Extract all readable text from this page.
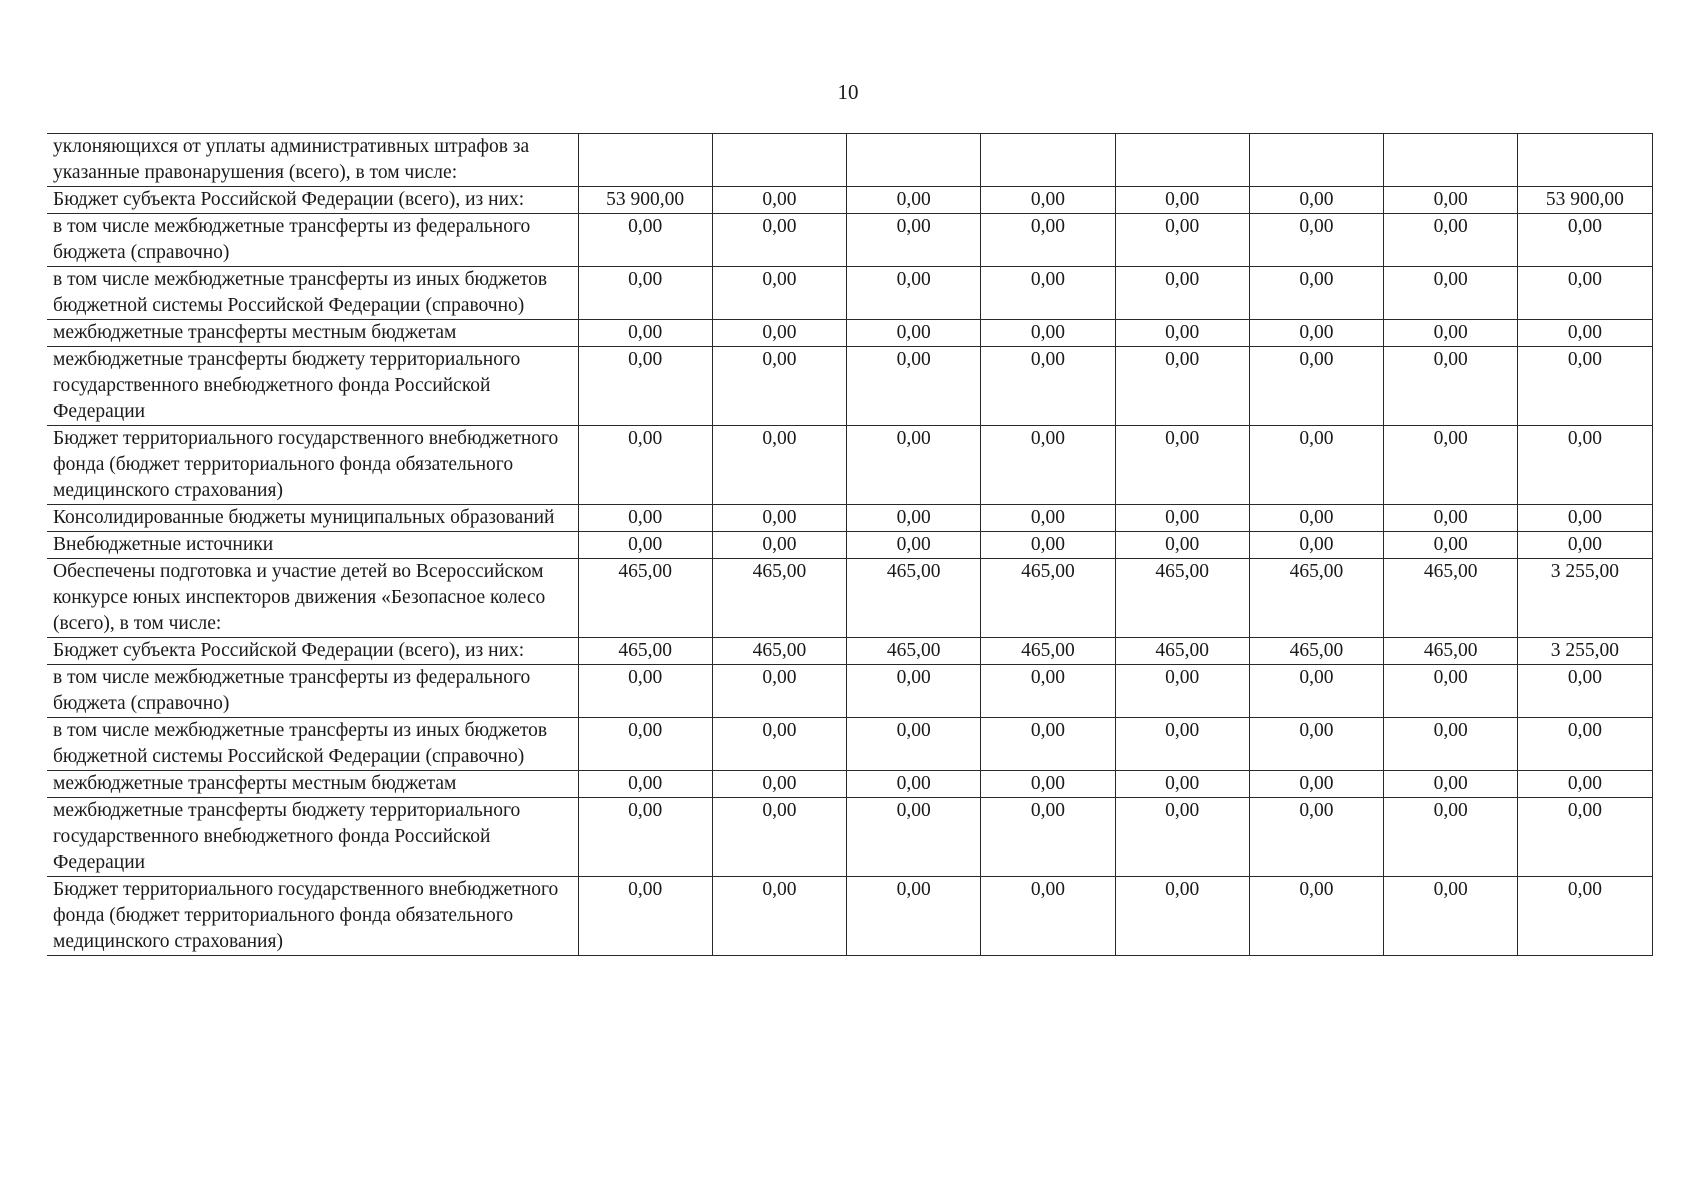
10
уклоняющихся от уплаты административных штрафов за указанные правонарушения (всего), в том числе:								
Бюджет субъекта Российской Федерации (всего), из них:	53 900,00	0,00	0,00	0,00	0,00	0,00	0,00	53 900,00
в том числе межбюджетные трансферты из федерального бюджета (справочно)	0,00	0,00	0,00	0,00	0,00	0,00	0,00	0,00
в том числе межбюджетные трансферты из иных бюджетов бюджетной системы Российской Федерации (справочно)	0,00	0,00	0,00	0,00	0,00	0,00	0,00	0,00
межбюджетные трансферты местным бюджетам	0,00	0,00	0,00	0,00	0,00	0,00	0,00	0,00
межбюджетные трансферты бюджету территориального государственного внебюджетного фонда Российской Федерации	0,00	0,00	0,00	0,00	0,00	0,00	0,00	0,00
Бюджет территориального государственного внебюджетного фонда (бюджет территориального фонда обязательного медицинского страхования)	0,00	0,00	0,00	0,00	0,00	0,00	0,00	0,00
Консолидированные бюджеты муниципальных образований	0,00	0,00	0,00	0,00	0,00	0,00	0,00	0,00
Внебюджетные источники	0,00	0,00	0,00	0,00	0,00	0,00	0,00	0,00
Обеспечены подготовка и участие детей во Всероссийском конкурсе юных инспекторов движения «Безопасное колесо (всего), в том числе:	465,00	465,00	465,00	465,00	465,00	465,00	465,00	3 255,00
Бюджет субъекта Российской Федерации (всего), из них:	465,00	465,00	465,00	465,00	465,00	465,00	465,00	3 255,00
в том числе межбюджетные трансферты из федерального бюджета (справочно)	0,00	0,00	0,00	0,00	0,00	0,00	0,00	0,00
в том числе межбюджетные трансферты из иных бюджетов бюджетной системы Российской Федерации (справочно)	0,00	0,00	0,00	0,00	0,00	0,00	0,00	0,00
межбюджетные трансферты местным бюджетам	0,00	0,00	0,00	0,00	0,00	0,00	0,00	0,00
межбюджетные трансферты бюджету территориального государственного внебюджетного фонда Российской Федерации	0,00	0,00	0,00	0,00	0,00	0,00	0,00	0,00
Бюджет территориального государственного внебюджетного фонда (бюджет территориального фонда обязательного медицинского страхования)	0,00	0,00	0,00	0,00	0,00	0,00	0,00	0,00
